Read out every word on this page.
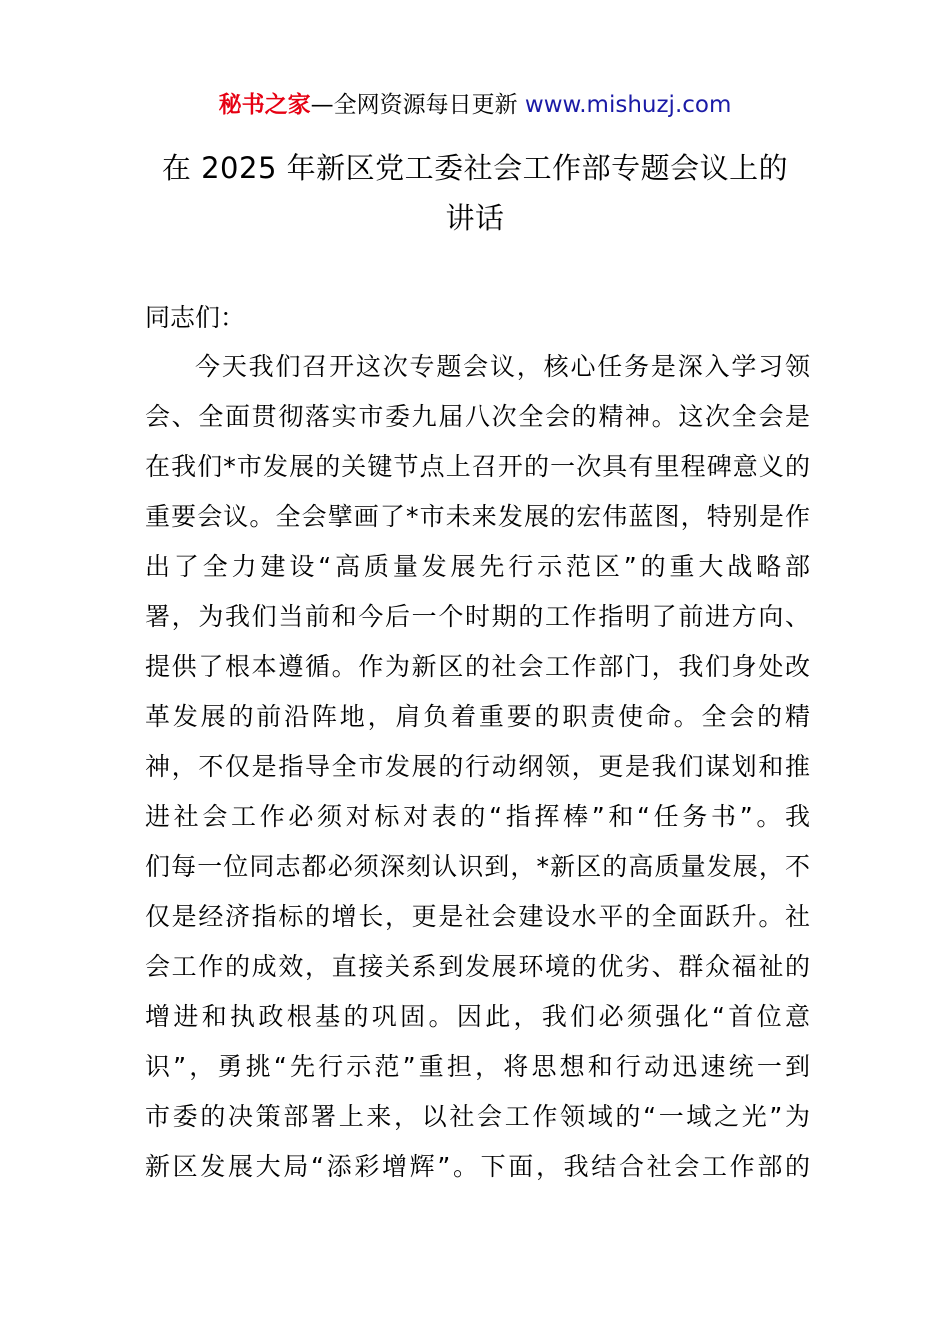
秘书之家—全网资源每日更新 www.mishuzj.com
在 2025 年新区党工委社会工作部专题会议上的
讲话
同志们：
今天我们召开这次专题会议，核心任务是深入学习领
会、全面贯彻落实市委九届八次全会的精神。这次全会是
在我们*市发展的关键节点上召开的一次具有里程碑意义的
重要会议。全会擘画了*市未来发展的宏伟蓝图，特别是作
出了全力建设“高质量发展先行示范区”的重大战略部
署，为我们当前和今后一个时期的工作指明了前进方向、
提供了根本遵循。作为新区的社会工作部门，我们身处改
革发展的前沿阵地，肩负着重要的职责使命。全会的精
神，不仅是指导全市发展的行动纲领，更是我们谋划和推
进社会工作必须对标对表的“指挥棒”和“任务书”。我
们每一位同志都必须深刻认识到，*新区的高质量发展，不
仅是经济指标的增长，更是社会建设水平的全面跃升。社
会工作的成效，直接关系到发展环境的优劣、群众福祉的
增进和执政根基的巩固。因此，我们必须强化“首位意
识”，勇挑“先行示范”重担，将思想和行动迅速统一到
市委的决策部署上来，以社会工作领域的“一域之光”为
新区发展大局“添彩增辉”。下面，我结合社会工作部的
